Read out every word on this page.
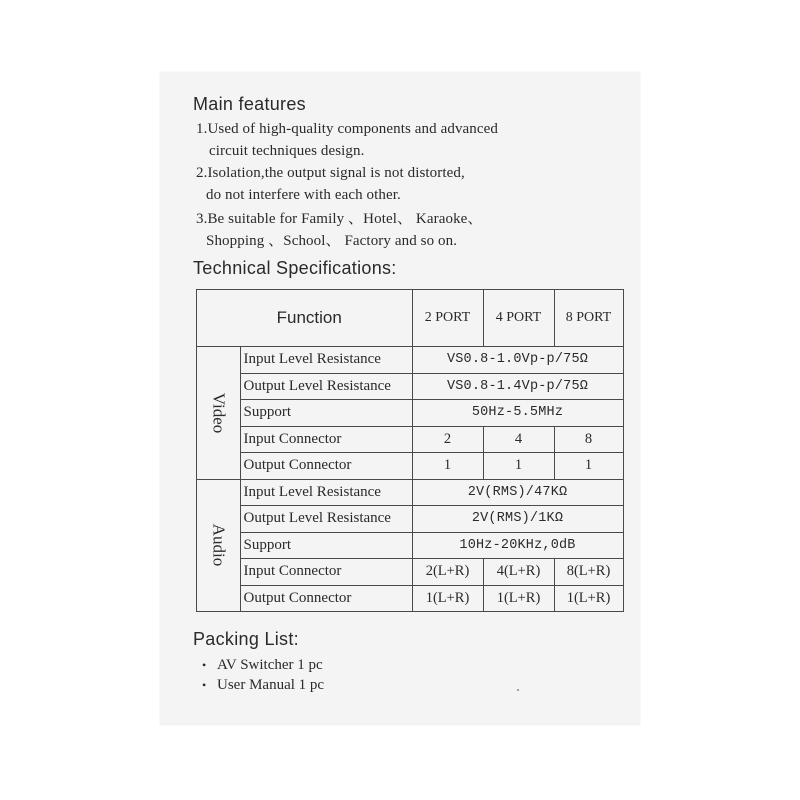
Main features
1.Used of high-quality components and advanced
circuit techniques design.
2.Isolation,the output signal is not distorted,
do not interfere with each other.
3.Be suitable for Family 、Hotel、 Karaoke、
Shopping 、School、 Factory and so on.
Technical Specifications:
Function		2 PORT	4 PORT	8 PORT
Video	Input Level Resistance	VS0.8-1.0Vp-p/75Ω		
	Output Level Resistance	VS0.8-1.4Vp-p/75Ω		
	Support	50Hz-5.5MHz		
	Input Connector	2	4	8
	Output Connector	1	1	1
Audio	Input Level Resistance	2V(RMS)/47KΩ		
	Output Level Resistance	2V(RMS)/1KΩ		
	Support	10Hz-20KHz,0dB		
	Input Connector	2(L+R)	4(L+R)	8(L+R)
	Output Connector	1(L+R)	1(L+R)	1(L+R)
Packing List:
• AV Switcher 1 pc
• User Manual 1 pc
